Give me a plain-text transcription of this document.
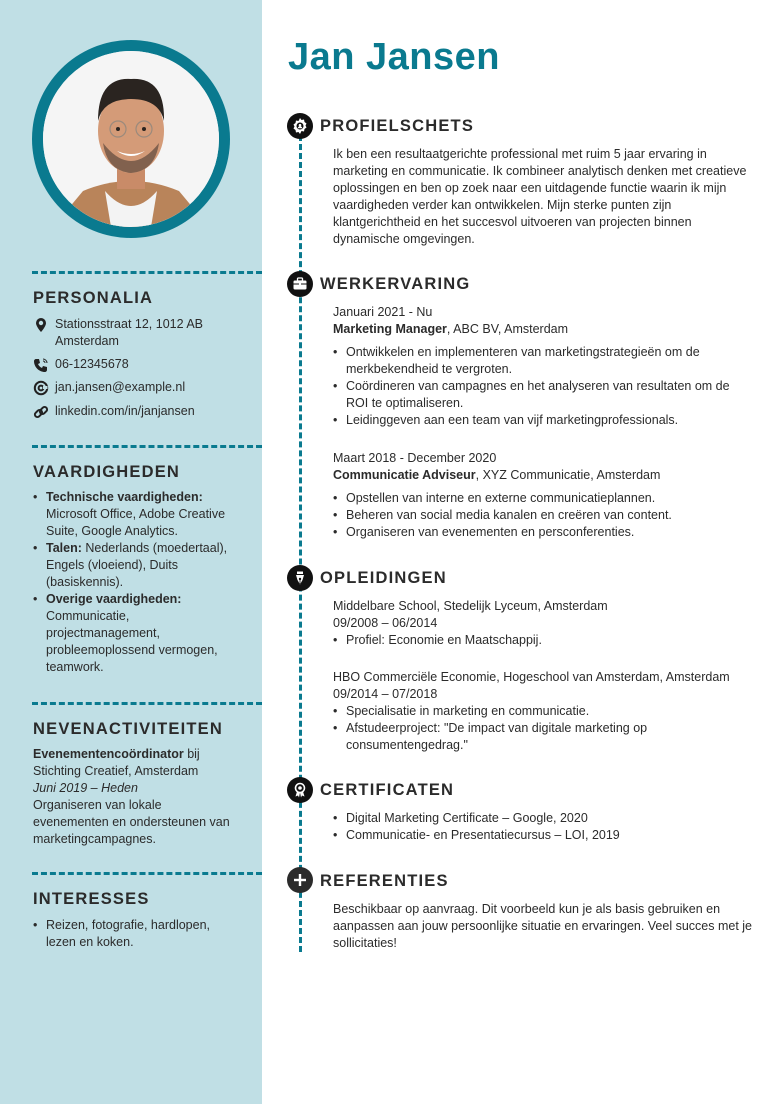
PERSONALIA
Stationsstraat 12, 1012 AB
Amsterdam
06-12345678
jan.jansen@example.nl
linkedin.com/in/janjansen
VAARDIGHEDEN
• Technische vaardigheden: Microsoft Office, Adobe Creative Suite, Google Analytics.
• Talen: Nederlands (moedertaal), Engels (vloeiend), Duits (basiskennis).
• Overige vaardigheden: Communicatie, projectmanagement, probleemoplossend vermogen, teamwork.
NEVENACTIVITEITEN
Evenementencoördinator bij Stichting Creatief, Amsterdam
Juni 2019 – Heden
Organiseren van lokale evenementen en ondersteunen van marketingcampagnes.
INTERESSES
• Reizen, fotografie, hardlopen, lezen en koken.
Jan Jansen
PROFIELSCHETS
Ik ben een resultaatgerichte professional met ruim 5 jaar ervaring in marketing en communicatie. Ik combineer analytisch denken met creatieve oplossingen en ben op zoek naar een uitdagende functie waarin ik mijn vaardigheden verder kan ontwikkelen. Mijn sterke punten zijn klantgerichtheid en het succesvol uitvoeren van projecten binnen dynamische omgevingen.
WERKERVARING
Januari 2021 - Nu
Marketing Manager, ABC BV, Amsterdam
• Ontwikkelen en implementeren van marketingstrategieën om de merkbekendheid te vergroten.
• Coördineren van campagnes en het analyseren van resultaten om de ROI te optimaliseren.
• Leidinggeven aan een team van vijf marketingprofessionals.
Maart 2018 - December 2020
Communicatie Adviseur, XYZ Communicatie, Amsterdam
• Opstellen van interne en externe communicatieplannen.
• Beheren van social media kanalen en creëren van content.
• Organiseren van evenementen en persconferenties.
OPLEIDINGEN
Middelbare School, Stedelijk Lyceum, Amsterdam
09/2008 – 06/2014
• Profiel: Economie en Maatschappij.
HBO Commerciële Economie, Hogeschool van Amsterdam, Amsterdam
09/2014 – 07/2018
• Specialisatie in marketing en communicatie.
• Afstudeerproject: "De impact van digitale marketing op consumentengedrag."
CERTIFICATEN
• Digital Marketing Certificate – Google, 2020
• Communicatie- en Presentatiecursus – LOI, 2019
REFERENTIES
Beschikbaar op aanvraag. Dit voorbeeld kun je als basis gebruiken en aanpassen aan jouw persoonlijke situatie en ervaringen. Veel succes met je sollicitaties!
